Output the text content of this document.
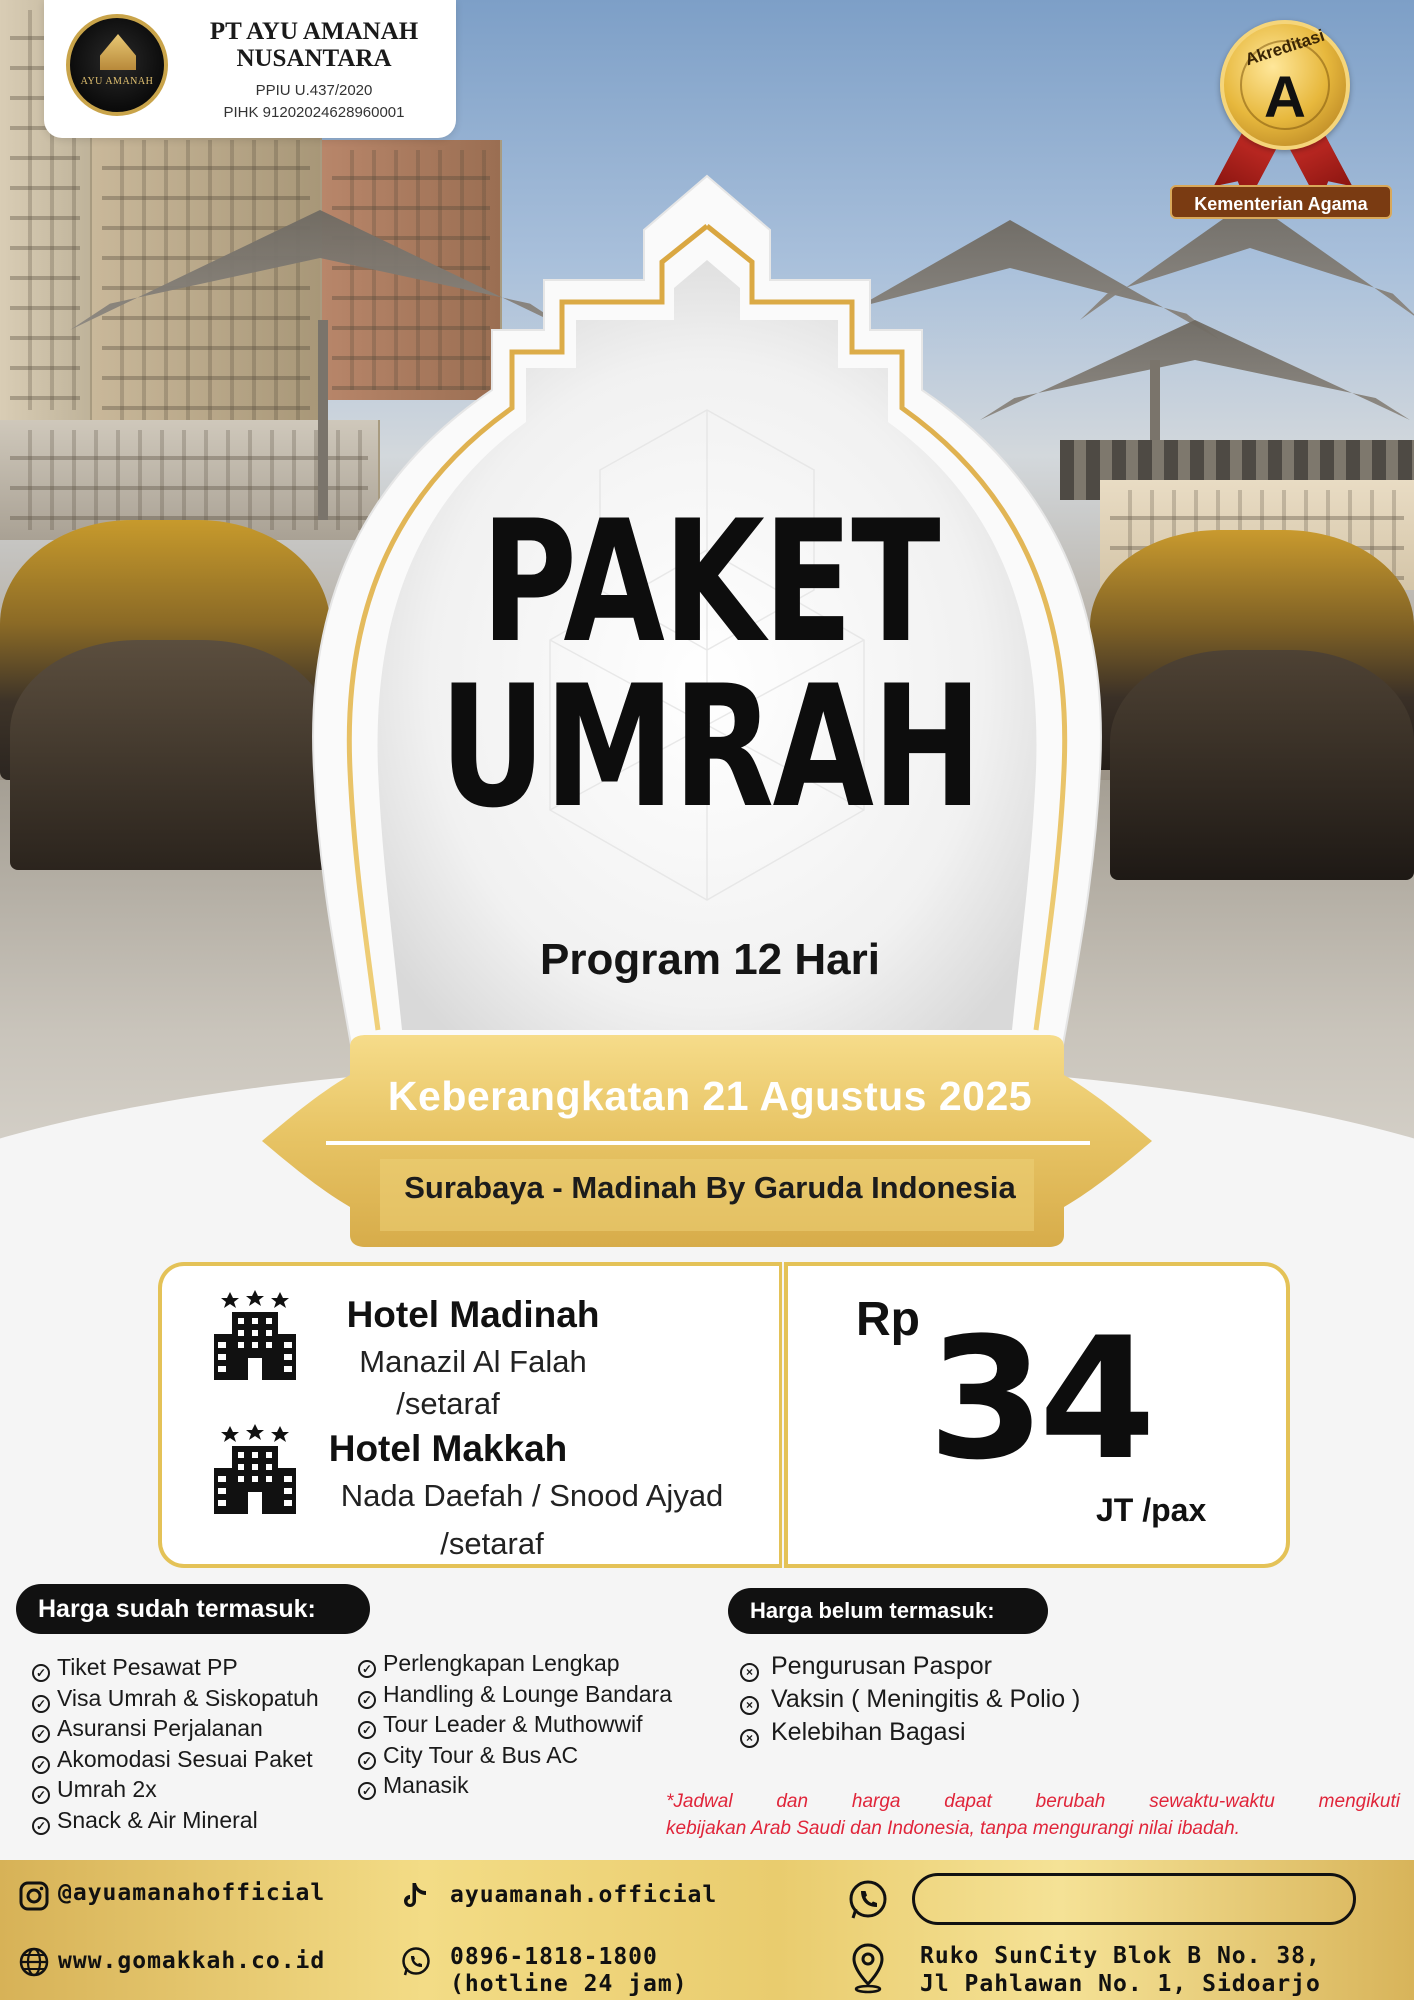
AYU AMANAH
PT AYU AMANAH
NUSANTARA
PPIU U.437/2020
PIHK 91202024628960001
Akreditasi
A
Kementerian Agama
PAKET
UMRAH
Program 12 Hari
Keberangkatan 21 Agustus 2025
Surabaya - Madinah By Garuda Indonesia
Hotel Madinah
Manazil Al Falah
/setaraf
Hotel Makkah
Nada Daefah / Snood Ajyad
/setaraf
Rp 34
JT /pax
Harga sudah termasuk:
✓ Tiket Pesawat PP
✓ Visa Umrah & Siskopatuh
✓ Asuransi Perjalanan
✓ Akomodasi Sesuai Paket
✓ Umrah 2x
✓ Snack & Air Mineral
✓ Perlengkapan Lengkap
✓ Handling & Lounge Bandara
✓ Tour Leader & Muthowwif
✓ City Tour & Bus AC
✓ Manasik
Harga belum termasuk:
× Pengurusan Paspor
× Vaksin ( Meningitis & Polio )
× Kelebihan Bagasi
*Jadwal dan harga dapat berubah sewaktu-waktu mengikuti
kebijakan Arab Saudi dan Indonesia, tanpa mengurangi nilai ibadah.
@ayuamanahofficial
www.gomakkah.co.id
ayuamanah.official
0896-1818-1800
(hotline 24 jam)
Ruko SunCity Blok B No. 38,
Jl Pahlawan No. 1, Sidoarjo
